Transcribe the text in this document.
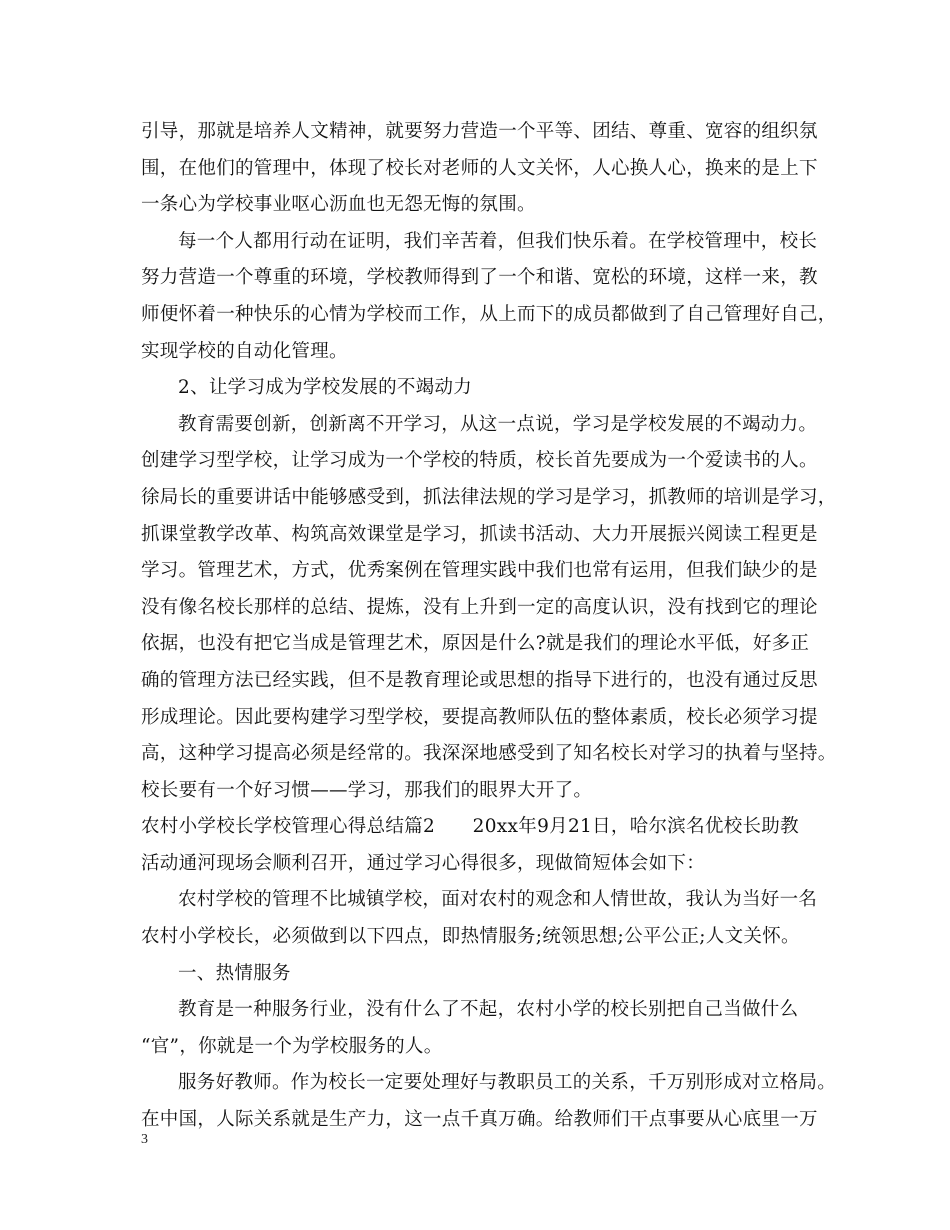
引导，那就是培养人文精神，就要努力营造一个平等、团结、尊重、宽容的组织氛
围，在他们的管理中，体现了校长对老师的人文关怀，人心换人心，换来的是上下
一条心为学校事业呕心沥血也无怨无悔的氛围。
每一个人都用行动在证明，我们辛苦着，但我们快乐着。在学校管理中，校长
努力营造一个尊重的环境，学校教师得到了一个和谐、宽松的环境，这样一来，教
师便怀着一种快乐的心情为学校而工作，从上而下的成员都做到了自己管理好自己，
实现学校的自动化管理。
2、让学习成为学校发展的不竭动力
教育需要创新，创新离不开学习，从这一点说，学习是学校发展的不竭动力。
创建学习型学校，让学习成为一个学校的特质，校长首先要成为一个爱读书的人。
徐局长的重要讲话中能够感受到，抓法律法规的学习是学习，抓教师的培训是学习，
抓课堂教学改革、构筑高效课堂是学习，抓读书活动、大力开展振兴阅读工程更是
学习。管理艺术，方式，优秀案例在管理实践中我们也常有运用，但我们缺少的是
没有像名校长那样的总结、提炼，没有上升到一定的高度认识，没有找到它的理论
依据，也没有把它当成是管理艺术，原因是什么?就是我们的理论水平低，好多正
确的管理方法已经实践，但不是教育理论或思想的指导下进行的，也没有通过反思
形成理论。因此要构建学习型学校，要提高教师队伍的整体素质，校长必须学习提
高，这种学习提高必须是经常的。我深深地感受到了知名校长对学习的执着与坚持。
校长要有一个好习惯——学习，那我们的眼界大开了。
农村小学校长学校管理心得总结篇2　　20xx年9月21日，哈尔滨名优校长助教
活动通河现场会顺利召开，通过学习心得很多，现做简短体会如下：
农村学校的管理不比城镇学校，面对农村的观念和人情世故，我认为当好一名
农村小学校长，必须做到以下四点，即热情服务;统领思想;公平公正;人文关怀。
一、热情服务
教育是一种服务行业，没有什么了不起，农村小学的校长别把自己当做什么
“官”，你就是一个为学校服务的人。
服务好教师。作为校长一定要处理好与教职员工的关系，千万别形成对立格局。
在中国，人际关系就是生产力，这一点千真万确。给教师们干点事要从心底里一万
3
